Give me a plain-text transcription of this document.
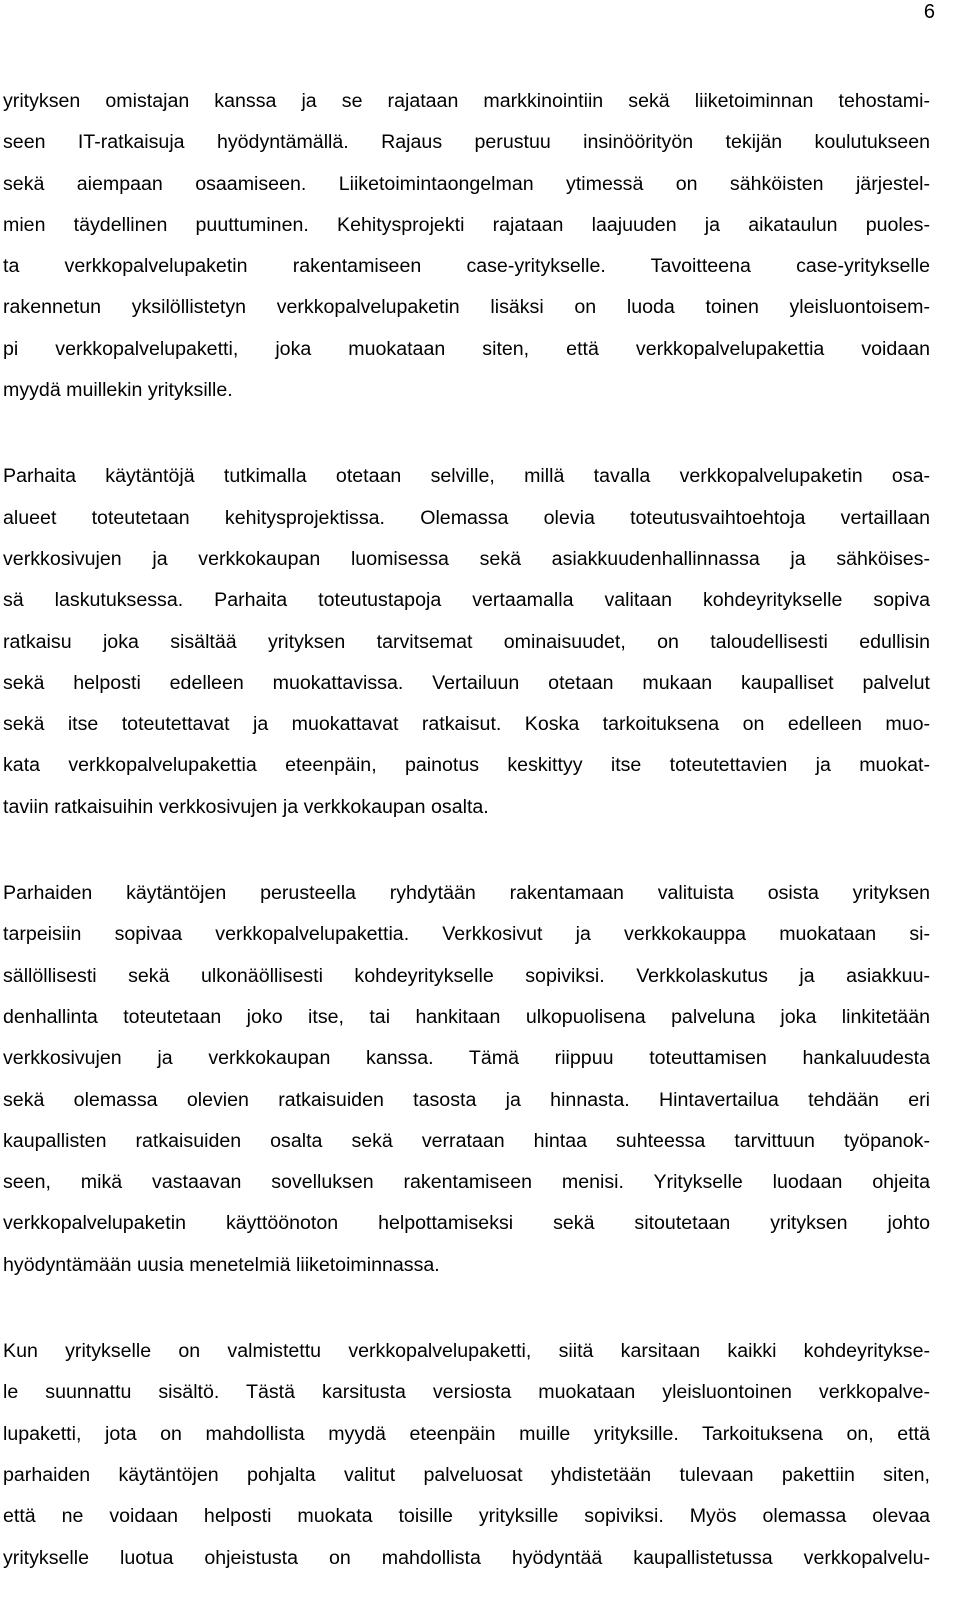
6
yrityksen omistajan kanssa ja se rajataan markkinointiin sekä liiketoiminnan tehostami-
seen IT-ratkaisuja hyödyntämällä. Rajaus perustuu insinöörityön tekijän koulutukseen
sekä aiempaan osaamiseen. Liiketoimintaongelman ytimessä on sähköisten järjestel-
mien täydellinen puuttuminen. Kehitysprojekti rajataan laajuuden ja aikataulun puoles-
ta verkkopalvelupaketin rakentamiseen case-yritykselle. Tavoitteena case-yritykselle
rakennetun yksilöllistetyn verkkopalvelupaketin lisäksi on luoda toinen yleisluontoisem-
pi verkkopalvelupaketti, joka muokataan siten, että verkkopalvelupakettia voidaan
myydä muillekin yrityksille.
Parhaita käytäntöjä tutkimalla otetaan selville, millä tavalla verkkopalvelupaketin osa-
alueet toteutetaan kehitysprojektissa. Olemassa olevia toteutusvaihtoehtoja vertaillaan
verkkosivujen ja verkkokaupan luomisessa sekä asiakkuudenhallinnassa ja sähköises-
sä laskutuksessa. Parhaita toteutustapoja vertaamalla valitaan kohdeyritykselle sopiva
ratkaisu joka sisältää yrityksen tarvitsemat ominaisuudet, on taloudellisesti edullisin
sekä helposti edelleen muokattavissa. Vertailuun otetaan mukaan kaupalliset palvelut
sekä itse toteutettavat ja muokattavat ratkaisut. Koska tarkoituksena on edelleen muo-
kata verkkopalvelupakettia eteenpäin, painotus keskittyy itse toteutettavien ja muokat-
taviin ratkaisuihin verkkosivujen ja verkkokaupan osalta.
Parhaiden käytäntöjen perusteella ryhdytään rakentamaan valituista osista yrityksen
tarpeisiin sopivaa verkkopalvelupakettia. Verkkosivut ja verkkokauppa muokataan si-
sällöllisesti sekä ulkonäöllisesti kohdeyritykselle sopiviksi. Verkkolaskutus ja asiakkuu-
denhallinta toteutetaan joko itse, tai hankitaan ulkopuolisena palveluna joka linkitetään
verkkosivujen ja verkkokaupan kanssa. Tämä riippuu toteuttamisen hankaluudesta
sekä olemassa olevien ratkaisuiden tasosta ja hinnasta. Hintavertailua tehdään eri
kaupallisten ratkaisuiden osalta sekä verrataan hintaa suhteessa tarvittuun työpanok-
seen, mikä vastaavan sovelluksen rakentamiseen menisi. Yritykselle luodaan ohjeita
verkkopalvelupaketin käyttöönoton helpottamiseksi sekä sitoutetaan yrityksen johto
hyödyntämään uusia menetelmiä liiketoiminnassa.
Kun yritykselle on valmistettu verkkopalvelupaketti, siitä karsitaan kaikki kohdeyritykse-
le suunnattu sisältö. Tästä karsitusta versiosta muokataan yleisluontoinen verkkopalve-
lupaketti, jota on mahdollista myydä eteenpäin muille yrityksille. Tarkoituksena on, että
parhaiden käytäntöjen pohjalta valitut palveluosat yhdistetään tulevaan pakettiin siten,
että ne voidaan helposti muokata toisille yrityksille sopiviksi. Myös olemassa olevaa
yritykselle luotua ohjeistusta on mahdollista hyödyntää kaupallistetussa verkkopalvelu-
